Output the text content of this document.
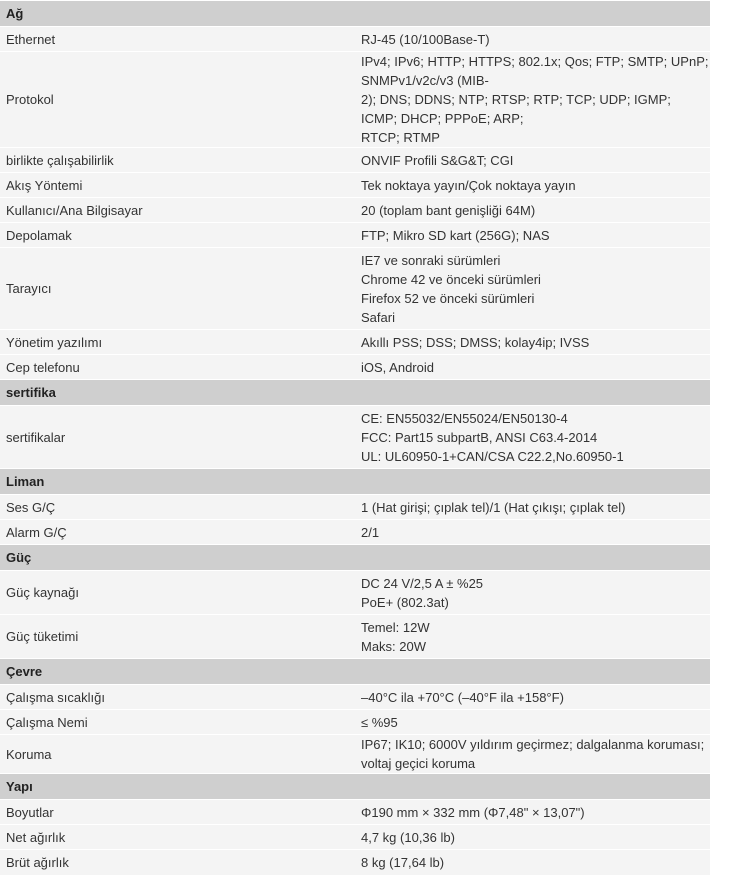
Ağ	
Ethernet	RJ-45 (10/100Base-T)

Protokol	IPv4; IPv6; HTTP; HTTPS; 802.1x; Qos; FTP; SMTP; UPnP; SNMPv1/v2c/v3 (MIB-
2); DNS; DDNS; NTP; RTSP; RTP; TCP; UDP; IGMP; ICMP; DHCP; PPPoE; ARP;
RTCP; RTMP

birlikte çalışabilirlik	ONVIF Profili S&G&T; CGI

Akış Yöntemi	Tek noktaya yayın/Çok noktaya yayın

Kullanıcı/Ana Bilgisayar	20 (toplam bant genişliği 64M)

Depolamak	FTP; Mikro SD kart (256G); NAS

Tarayıcı	IE7 ve sonraki sürümleri
Chrome 42 ve önceki sürümleri
Firefox 52 ve önceki sürümleri
Safari

Yönetim yazılımı	Akıllı PSS; DSS; DMSS; kolay4ip; IVSS

Cep telefonu	iOS, Android

sertifika	
sertifikalar	CE: EN55032/EN55024/EN50130-4
FCC: Part15 subpartB, ANSI C63.4-2014
UL: UL60950-1+CAN/CSA C22.2,No.60950-1

Liman	
Ses G/Ç	1 (Hat girişi; çıplak tel)/1 (Hat çıkışı; çıplak tel)

Alarm G/Ç	2/1

Güç	
Güç kaynağı	DC 24 V/2,5 A ± %25
PoE+ (802.3at)

Güç tüketimi	Temel: 12W
Maks: 20W

Çevre	
Çalışma sıcaklığı	–40°C ila +70°C (–40°F ila +158°F)

Çalışma Nemi	≤ %95

Koruma	IP67; IK10; 6000V yıldırım geçirmez; dalgalanma koruması; voltaj geçici koruma

Yapı	
Boyutlar	Φ190 mm × 332 mm (Φ7,48" × 13,07")

Net ağırlık	4,7 kg (10,36 lb)

Brüt ağırlık	8 kg (17,64 lb)
